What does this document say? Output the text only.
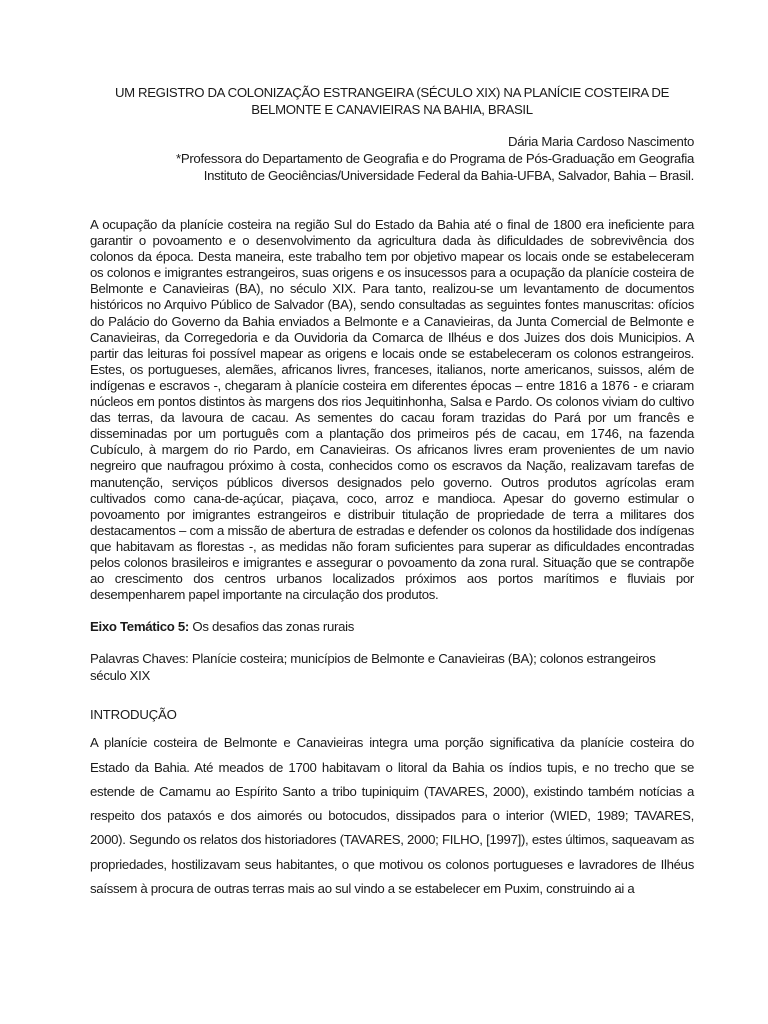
UM REGISTRO DA COLONIZAÇÃO ESTRANGEIRA (SÉCULO XIX) NA PLANÍCIE COSTEIRA DE
BELMONTE E CANAVIEIRAS NA BAHIA, BRASIL
Dária Maria Cardoso Nascimento
*Professora do Departamento de Geografia e do Programa de Pós-Graduação em Geografia
Instituto de Geociências/Universidade Federal da Bahia-UFBA, Salvador, Bahia – Brasil.

A ocupação da planície costeira na região Sul do Estado da Bahia até o final de 1800 era ineficiente para garantir o povoamento e o desenvolvimento da agricultura dada às dificuldades de sobrevivência dos colonos da época. Desta maneira, este trabalho tem por objetivo mapear os locais onde se estabeleceram os colonos e imigrantes estrangeiros, suas origens e os insucessos para a ocupação da planície costeira de Belmonte e Canavieiras (BA), no século XIX. Para tanto, realizou-se um levantamento de documentos históricos no Arquivo Público de Salvador (BA), sendo consultadas as seguintes fontes manuscritas: ofícios do Palácio do Governo da Bahia enviados a Belmonte e a Canavieiras, da Junta Comercial de Belmonte e Canavieiras, da Corregedoria e da Ouvidoria da Comarca de Ilhéus e dos Juizes dos dois Municipios. A partir das leituras foi possível mapear as origens e locais onde se estabeleceram os colonos estrangeiros. Estes, os portugueses, alemães, africanos livres, franceses, italianos, norte americanos, suissos, além de indígenas e escravos -, chegaram à planície costeira em diferentes épocas – entre 1816 a 1876 - e criaram núcleos em pontos distintos às margens dos rios Jequitinhonha, Salsa e Pardo. Os colonos viviam do cultivo das terras, da lavoura de cacau. As sementes do cacau foram trazidas do Pará por um francês e disseminadas por um português com a plantação dos primeiros pés de cacau, em 1746, na fazenda Cubículo, à margem do rio Pardo, em Canavieiras. Os africanos livres eram provenientes de um navio negreiro que naufragou próximo à costa, conhecidos como os escravos da Nação, realizavam tarefas de manutenção, serviços públicos diversos designados pelo governo. Outros produtos agrícolas eram cultivados como cana-de-açúcar, piaçava, coco, arroz e mandioca. Apesar do governo estimular o povoamento por imigrantes estrangeiros e distribuir titulação de propriedade de terra a militares dos destacamentos – com a missão de abertura de estradas e defender os colonos da hostilidade dos indígenas que habitavam as florestas -, as medidas não foram suficientes para superar as dificuldades encontradas pelos colonos brasileiros e imigrantes e assegurar o povoamento da zona rural. Situação que se contrapõe ao crescimento dos centros urbanos localizados próximos aos portos marítimos e fluviais por desempenharem papel importante na circulação dos produtos.

Eixo Temático 5: Os desafios das zonas rurais
Palavras Chaves: Planície costeira; municípios de Belmonte e Canavieiras (BA); colonos estrangeiros
século XIX
INTRODUÇÃO

A planície costeira de Belmonte e Canavieiras integra uma porção significativa da planície costeira do Estado da Bahia. Até meados de 1700 habitavam o litoral da Bahia os índios tupis, e no trecho que se estende de Camamu ao Espírito Santo a tribo tupiniquim (TAVARES, 2000), existindo também notícias a respeito dos pataxós e dos aimorés ou botocudos, dissipados para o interior (WIED, 1989; TAVARES, 2000). Segundo os relatos dos historiadores (TAVARES, 2000; FILHO, [1997]), estes últimos, saqueavam as propriedades, hostilizavam seus habitantes, o que motivou os colonos portugueses e lavradores de Ilhéus saíssem à procura de outras terras mais ao sul vindo a se estabelecer em Puxim, construindo ai a
